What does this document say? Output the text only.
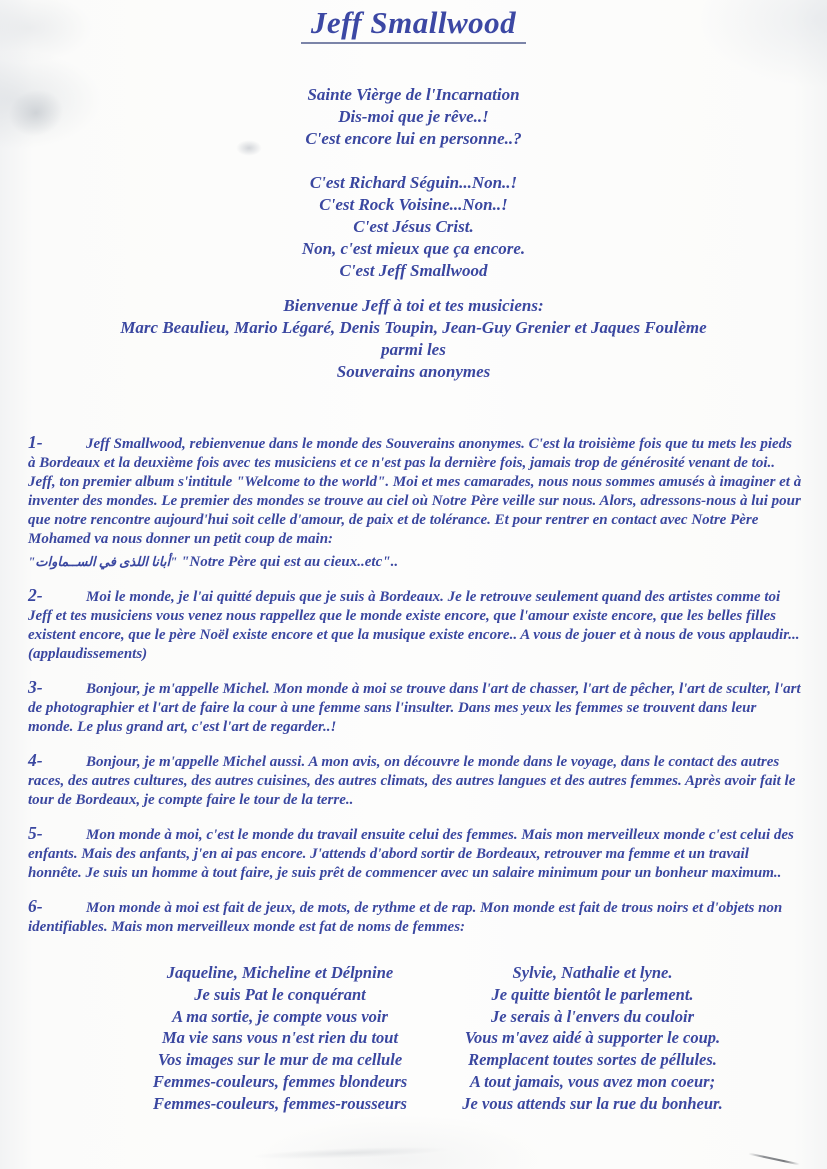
Jeff Smallwood
Sainte Vièrge de l'Incarnation
Dis-moi que je rêve..!
C'est encore lui en personne..?
C'est Richard Séguin...Non..!
C'est Rock Voisine...Non..!
C'est Jésus Crist.
Non, c'est mieux que ça encore.
C'est Jeff Smallwood
Bienvenue Jeff à toi et tes musiciens:
Marc Beaulieu, Mario Légaré, Denis Toupin, Jean-Guy Grenier et Jaques Foulème
parmi les
Souverains anonymes
1-	Jeff Smallwood, rebienvenue dans le monde des Souverains anonymes. C'est la troisième fois que tu mets les pieds à Bordeaux et la deuxième fois avec tes musiciens et ce n'est pas la dernière fois, jamais trop de générosité venant de toi.. Jeff, ton premier album s'intitule "Welcome to the world". Moi et mes camarades, nous nous sommes amusés à imaginer et à inventer des mondes. Le premier des mondes se trouve au ciel où Notre Père veille sur nous. Alors, adressons-nous à lui pour que notre rencontre aujourd'hui soit celle d'amour, de paix et de tolérance. Et pour rentrer en contact avec Notre Père Mohamed va nous donner un petit coup de main:
"أبانا اللذى في الســماوات" "Notre Père qui est au cieux..etc"..
2-	Moi le monde, je l'ai quitté depuis que je suis à Bordeaux. Je le retrouve seulement quand des artistes comme toi Jeff et tes musiciens vous venez nous rappellez que le monde existe encore, que l'amour existe encore, que les belles filles existent encore, que le père Noël existe encore et que la musique existe encore.. A vous de jouer et à nous de vous applaudir...(applaudissements)
3-	Bonjour, je m'appelle Michel. Mon monde à moi se trouve dans l'art de chasser, l'art de pêcher, l'art de sculter, l'art de photographier et l'art de faire la cour à une femme sans l'insulter. Dans mes yeux les femmes se trouvent dans leur monde. Le plus grand art, c'est l'art de regarder..!
4-	Bonjour, je m'appelle Michel aussi. A mon avis, on découvre le monde dans le voyage, dans le contact des autres races, des autres cultures, des autres cuisines, des autres climats, des autres langues et des autres femmes. Après avoir fait le tour de Bordeaux, je compte faire le tour de la terre..
5-	Mon monde à moi, c'est le monde du travail ensuite celui des femmes. Mais mon merveilleux monde c'est celui des enfants. Mais des anfants, j'en ai pas encore. J'attends d'abord sortir de Bordeaux, retrouver ma femme et un travail honnête. Je suis un homme à tout faire, je suis prêt de commencer avec un salaire minimum pour un bonheur maximum..
6-	Mon monde à moi est fait de jeux, de mots, de rythme et de rap. Mon monde est fait de trous noirs et d'objets non identifiables. Mais mon merveilleux monde est fat de noms de femmes:
Jaqueline, Micheline et Délpnine
Je suis Pat le conquérant
A ma sortie, je compte vous voir
Ma vie sans vous n'est rien du tout
Vos images sur le mur de ma cellule
Femmes-couleurs, femmes blondeurs
Femmes-couleurs, femmes-rousseurs
Sylvie, Nathalie et lyne.
Je quitte bientôt le parlement.
Je serais à l'envers du couloir
Vous m'avez aidé à supporter le coup.
Remplacent toutes sortes de péllules.
A tout jamais, vous avez mon coeur;
Je vous attends sur la rue du bonheur.
